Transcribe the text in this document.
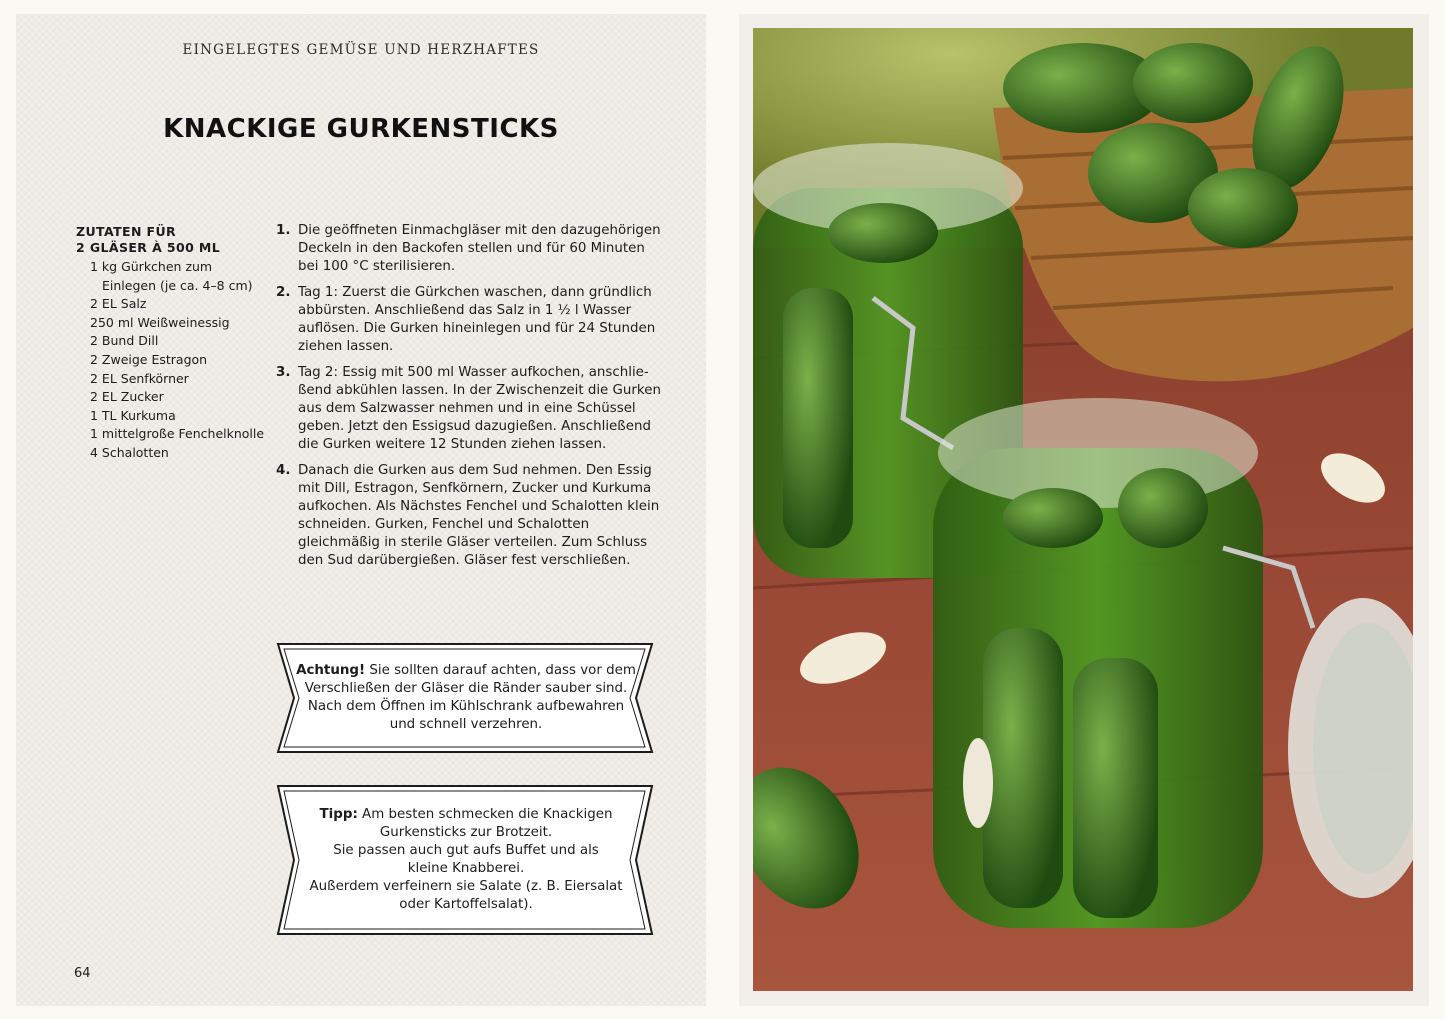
EINGELEGTES GEMÜSE UND HERZHAFTES
KNACKIGE GURKENSTICKS
ZUTATEN FÜR
2 GLÄSER À 500 ML
1 kg Gürkchen zum
Einlegen (je ca. 4–8 cm)
2 EL Salz
250 ml Weißweinessig
2 Bund Dill
2 Zweige Estragon
2 EL Senfkörner
2 EL Zucker
1 TL Kurkuma
1 mittelgroße Fenchelknolle
4 Schalotten
1. Die geöffneten Einmachgläser mit den dazugehörigen Deckeln in den Backofen stellen und für 60 Minuten bei 100 °C sterilisieren.
2. Tag 1: Zuerst die Gürkchen waschen, dann gründlich abbürsten. Anschließend das Salz in 1 ½ l Wasser auflösen. Die Gurken hineinlegen und für 24 Stunden ziehen lassen.
3. Tag 2: Essig mit 500 ml Wasser aufkochen, anschließend abkühlen lassen. In der Zwischenzeit die Gurken aus dem Salzwasser nehmen und in eine Schüssel geben. Jetzt den Essigsud dazugießen. Anschließend die Gurken weitere 12 Stunden ziehen lassen.
4. Danach die Gurken aus dem Sud nehmen. Den Essig mit Dill, Estragon, Senfkörnern, Zucker und Kurkuma aufkochen. Als Nächstes Fenchel und Schalotten klein schneiden. Gurken, Fenchel und Schalotten gleichmäßig in sterile Gläser verteilen. Zum Schluss den Sud darübergießen. Gläser fest verschließen.
Achtung! Sie sollten darauf achten, dass vor dem Verschließen der Gläser die Ränder sauber sind. Nach dem Öffnen im Kühlschrank aufbewahren und schnell verzehren.
Tipp: Am besten schmecken die Knackigen
Gurkensticks zur Brotzeit.
Sie passen auch gut aufs Buffet und als
kleine Knabberei.
Außerdem verfeinern sie Salate (z. B. Eiersalat
oder Kartoffelsalat).
64
